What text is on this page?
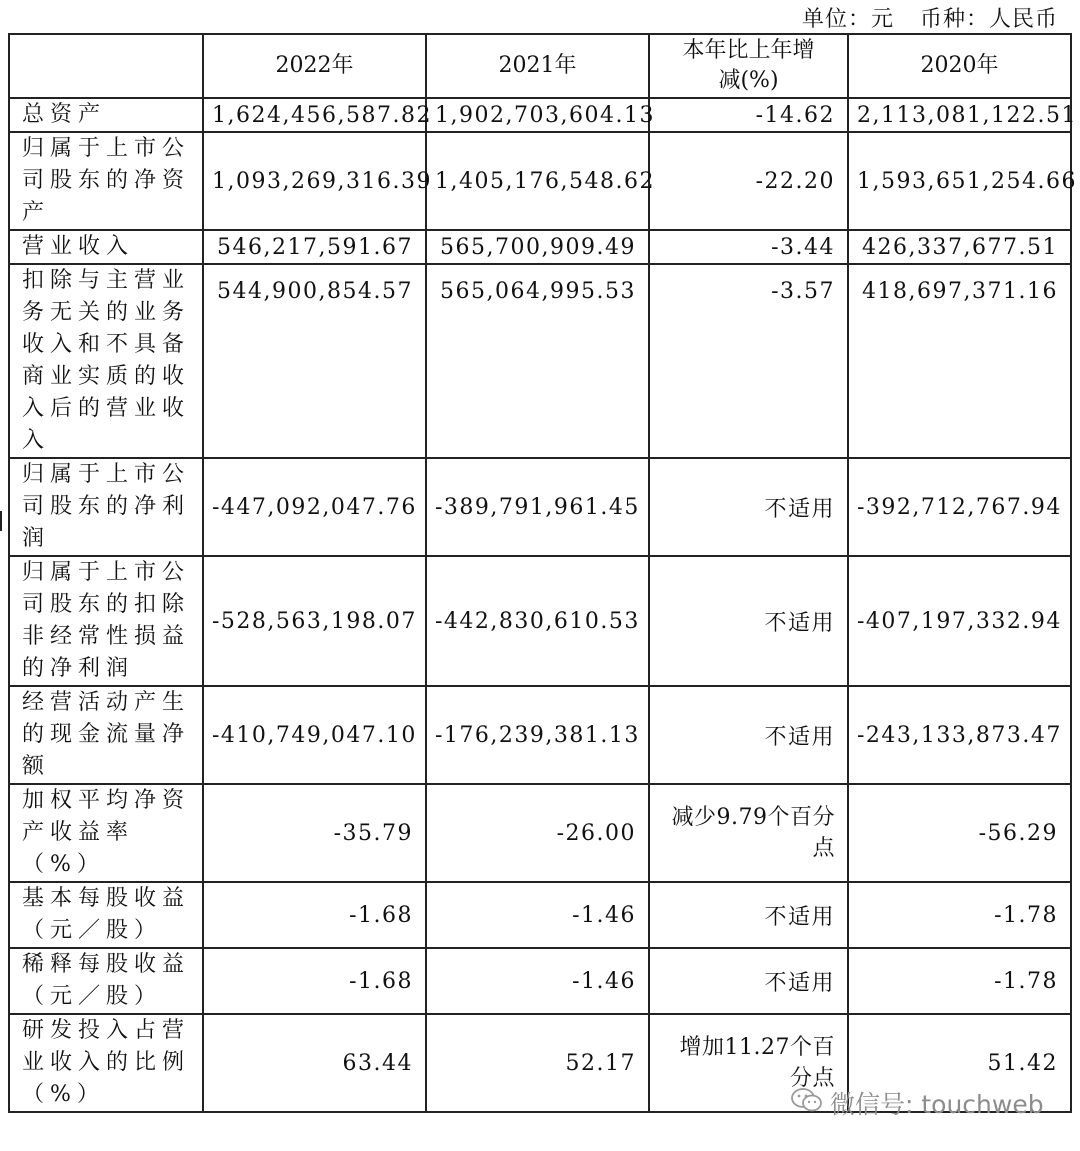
单位：元 币种：人民币
	2022年	2021年	本年比上年增减(%)	2020年
总资产	1,624,456,587.82	1,902,703,604.13	-14.62	2,113,081,122.51
归属于上市公司股东的净资产	1,093,269,316.39	1,405,176,548.62	-22.20	1,593,651,254.66
营业收入	546,217,591.67	565,700,909.49	-3.44	426,337,677.51
扣除与主营业务无关的业务收入和不具备商业实质的收入后的营业收入	544,900,854.57	565,064,995.53	-3.57	418,697,371.16
归属于上市公司股东的净利润	-447,092,047.76	-389,791,961.45	不适用	-392,712,767.94
归属于上市公司股东的扣除非经常性损益的净利润	-528,563,198.07	-442,830,610.53	不适用	-407,197,332.94
经营活动产生的现金流量净额	-410,749,047.10	-176,239,381.13	不适用	-243,133,873.47
加权平均净资产收益率（%）	-35.79	-26.00	减少9.79个百分点	-56.29
基本每股收益（元／股）	-1.68	-1.46	不适用	-1.78
稀释每股收益（元／股）	-1.68	-1.46	不适用	-1.78
研发投入占营业收入的比例（%）	63.44	52.17	增加11.27个百分点	51.42
微信号: touchweb
